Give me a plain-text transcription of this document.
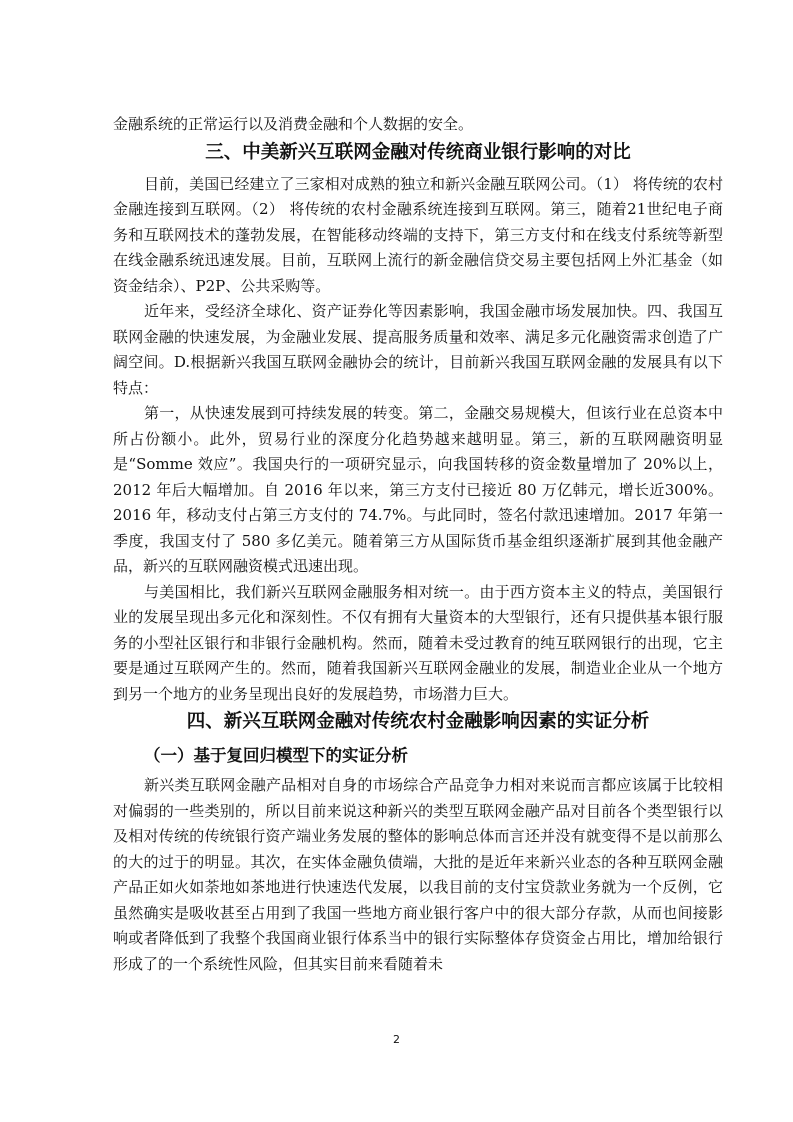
金融系统的正常运行以及消费金融和个人数据的安全。

三、中美新兴互联网金融对传统商业银行影响的对比

目前，美国已经建立了三家相对成熟的独立和新兴金融互联网公司。（1） 将传统的农村金融连接到互联网。（2） 将传统的农村金融系统连接到互联网。第三，随着21世纪电子商务和互联网技术的蓬勃发展，在智能移动终端的支持下，第三方支付和在线支付系统等新型在线金融系统迅速发展。目前，互联网上流行的新金融信贷交易主要包括网上外汇基金（如资金结余）、P2P、公共采购等。

近年来，受经济全球化、资产证券化等因素影响，我国金融市场发展加快。四、我国互联网金融的快速发展，为金融业发展、提高服务质量和效率、满足多元化融资需求创造了广阔空间。D.根据新兴我国互联网金融协会的统计，目前新兴我国互联网金融的发展具有以下特点：

第一，从快速发展到可持续发展的转变。第二，金融交易规模大，但该行业在总资本中所占份额小。此外，贸易行业的深度分化趋势越来越明显。第三，新的互联网融资明显是“Somme 效应”。我国央行的一项研究显示，向我国转移的资金数量增加了 20%以上，2012 年后大幅增加。自 2016 年以来，第三方支付已接近 80 万亿韩元，增长近300%。2016 年，移动支付占第三方支付的 74.7%。与此同时，签名付款迅速增加。2017 年第一季度，我国支付了 580 多亿美元。随着第三方从国际货币基金组织逐渐扩展到其他金融产品，新兴的互联网融资模式迅速出现。

与美国相比，我们新兴互联网金融服务相对统一。由于西方资本主义的特点，美国银行业的发展呈现出多元化和深刻性。不仅有拥有大量资本的大型银行，还有只提供基本银行服务的小型社区银行和非银行金融机构。然而，随着未受过教育的纯互联网银行的出现，它主要是通过互联网产生的。然而，随着我国新兴互联网金融业的发展，制造业企业从一个地方到另一个地方的业务呈现出良好的发展趋势，市场潜力巨大。

四、新兴互联网金融对传统农村金融影响因素的实证分析
（一）基于复回归模型下的实证分析

新兴类互联网金融产品相对自身的市场综合产品竞争力相对来说而言都应该属于比较相对偏弱的一些类别的，所以目前来说这种新兴的类型互联网金融产品对目前各个类型银行以及相对传统的传统银行资产端业务发展的整体的影响总体而言还并没有就变得不是以前那么的大的过于的明显。其次，在实体金融负债端，大批的是近年来新兴业态的各种互联网金融产品正如火如荼地如茶地进行快速迭代发展，以我目前的支付宝贷款业务就为一个反例，它虽然确实是吸收甚至占用到了我国一些地方商业银行客户中的很大部分存款，从而也间接影响或者降低到了我整个我国商业银行体系当中的银行实际整体存贷资金占用比，增加给银行形成了的一个系统性风险，但其实目前来看随着未

2
